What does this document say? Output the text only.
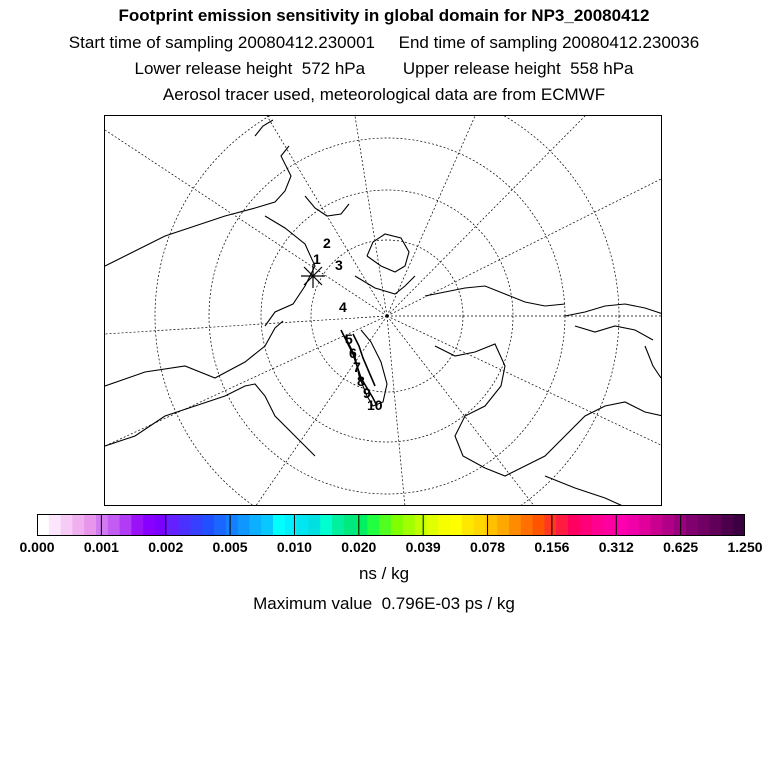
Footprint emission sensitivity in global domain for NP3_20080412
Start time of sampling 20080412.230001     End time of sampling 20080412.230036
Lower release height  572 hPa        Upper release height  558 hPa
Aerosol tracer used, meteorological data are from ECMWF
1
2
3
4
5
6
7
8
9
10
0.000 0.001 0.002 0.005 0.010 0.020 0.039 0.078 0.156 0.312 0.625 1.250
ns / kg
Maximum value  0.796E-03 ps / kg
